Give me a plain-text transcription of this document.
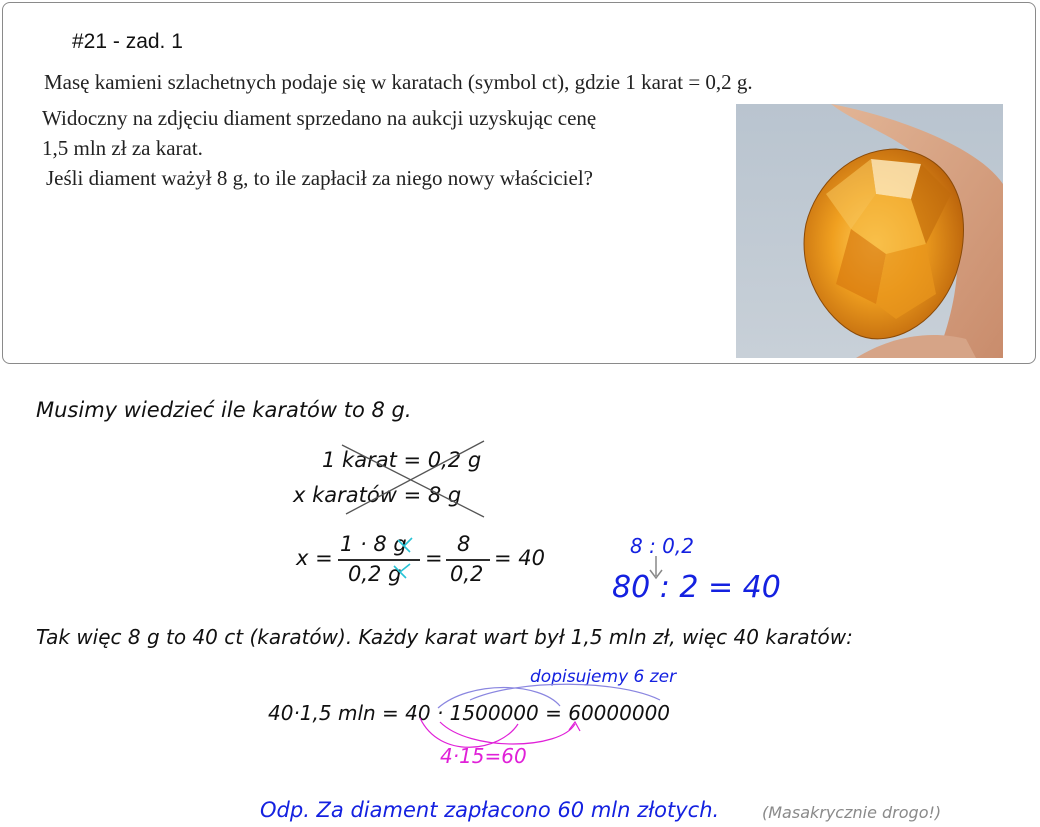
#21 - zad. 1
Masę kamieni szlachetnych podaje się w karatach (symbol ct), gdzie 1 karat = 0,2 g.
Widoczny na zdjęciu diament sprzedano na aukcji uzyskując cenę
1,5 mln zł za karat.
Jeśli diament ważył 8 g, to ile zapłacił za niego nowy właściciel?
Musimy wiedzieć ile karatów to 8 g.
1 karat = 0,2 g
x karatów = 8 g
x =
1 · 8 g
0,2 g
=
8
0,2
= 40	8 : 0,2
80 : 2 = 40
Tak więc 8 g to 40 ct (karatów). Każdy karat wart był 1,5 mln zł, więc 40 karatów:
dopisujemy 6 zer
40·1,5 mln = 40 · 1500000 = 60000000
4·15=60
Odp. Za diament zapłacono 60 mln złotych.	(Masakrycznie drogo!)
